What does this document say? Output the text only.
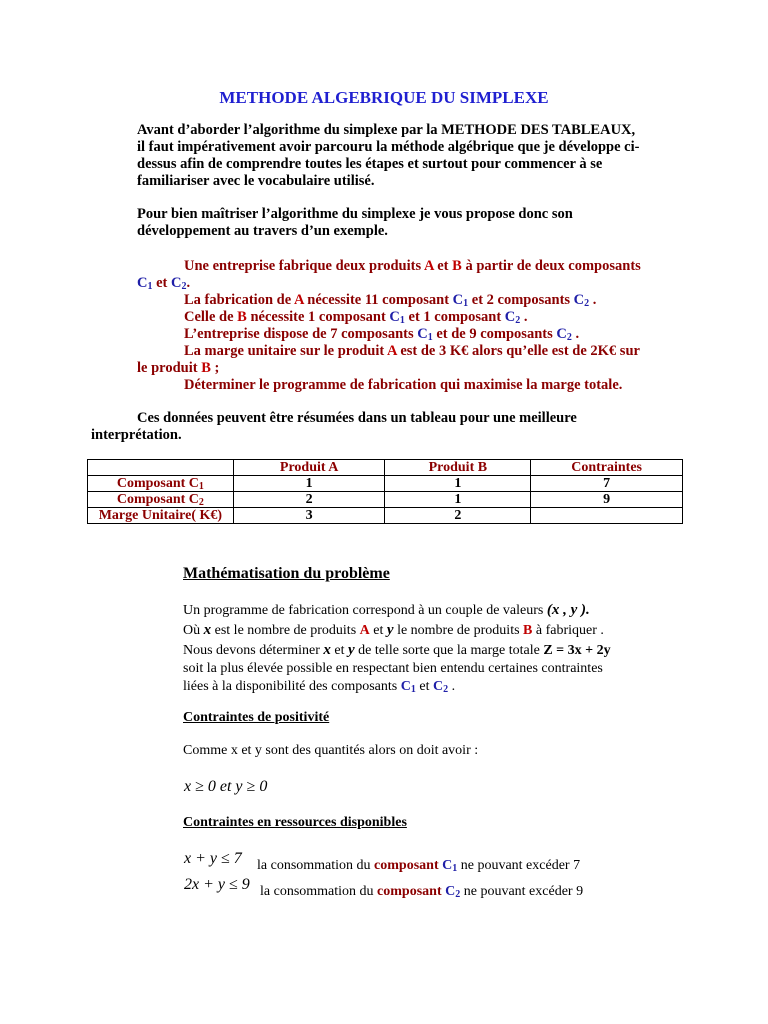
METHODE ALGEBRIQUE DU SIMPLEXE
Avant d’aborder l’algorithme du simplexe par la METHODE DES TABLEAUX,
il faut impérativement avoir parcouru la méthode algébrique que je développe ci-
dessus afin de comprendre toutes les étapes et surtout pour commencer à se
familiariser avec le vocabulaire utilisé.
Pour bien maîtriser l’algorithme du simplexe je vous propose donc son
développement au travers d’un exemple.
Une entreprise fabrique deux produits A et B à partir de deux composants
$C_1$ et $C_2$.
La fabrication de A nécessite 11 composant $C_1$ et 2 composants $C_2$ .
Celle de B nécessite 1 composant $C_1$ et 1 composant $C_2$ .
L’entreprise dispose de 7 composants $C_1$ et de 9 composants $C_2$ .
La marge unitaire sur le produit A est de 3 K€ alors qu’elle est de 2K€ sur
le produit B ;
Déterminer le programme de fabrication qui maximise la marge totale.
Ces données peuvent être résumées dans un tableau pour une meilleure
interprétation.
	Produit A	Produit B	Contraintes
Composant $C_1$	1	1	7
Composant $C_2$	2	1	9
Marge Unitaire( K€)	3	2	
Mathématisation du problème
Un programme de fabrication correspond à un couple de valeurs (x , y ).
Où x est le nombre de produits A et y le nombre de produits B à fabriquer .
Nous devons déterminer x et y de telle sorte que la marge totale Z = 3x + 2y
soit la plus élevée possible en respectant bien entendu certaines contraintes
liées à la disponibilité des composants $C_1$ et $C_2$ .
Contraintes de positivité
Comme x et y sont des quantités alors on doit avoir :
x ≥ 0 et y ≥ 0
Contraintes en ressources disponibles
x + y ≤ 7 la consommation du composant $C_1$ ne pouvant excéder 7
2x + y ≤ 9 la consommation du composant $C_2$ ne pouvant excéder 9
